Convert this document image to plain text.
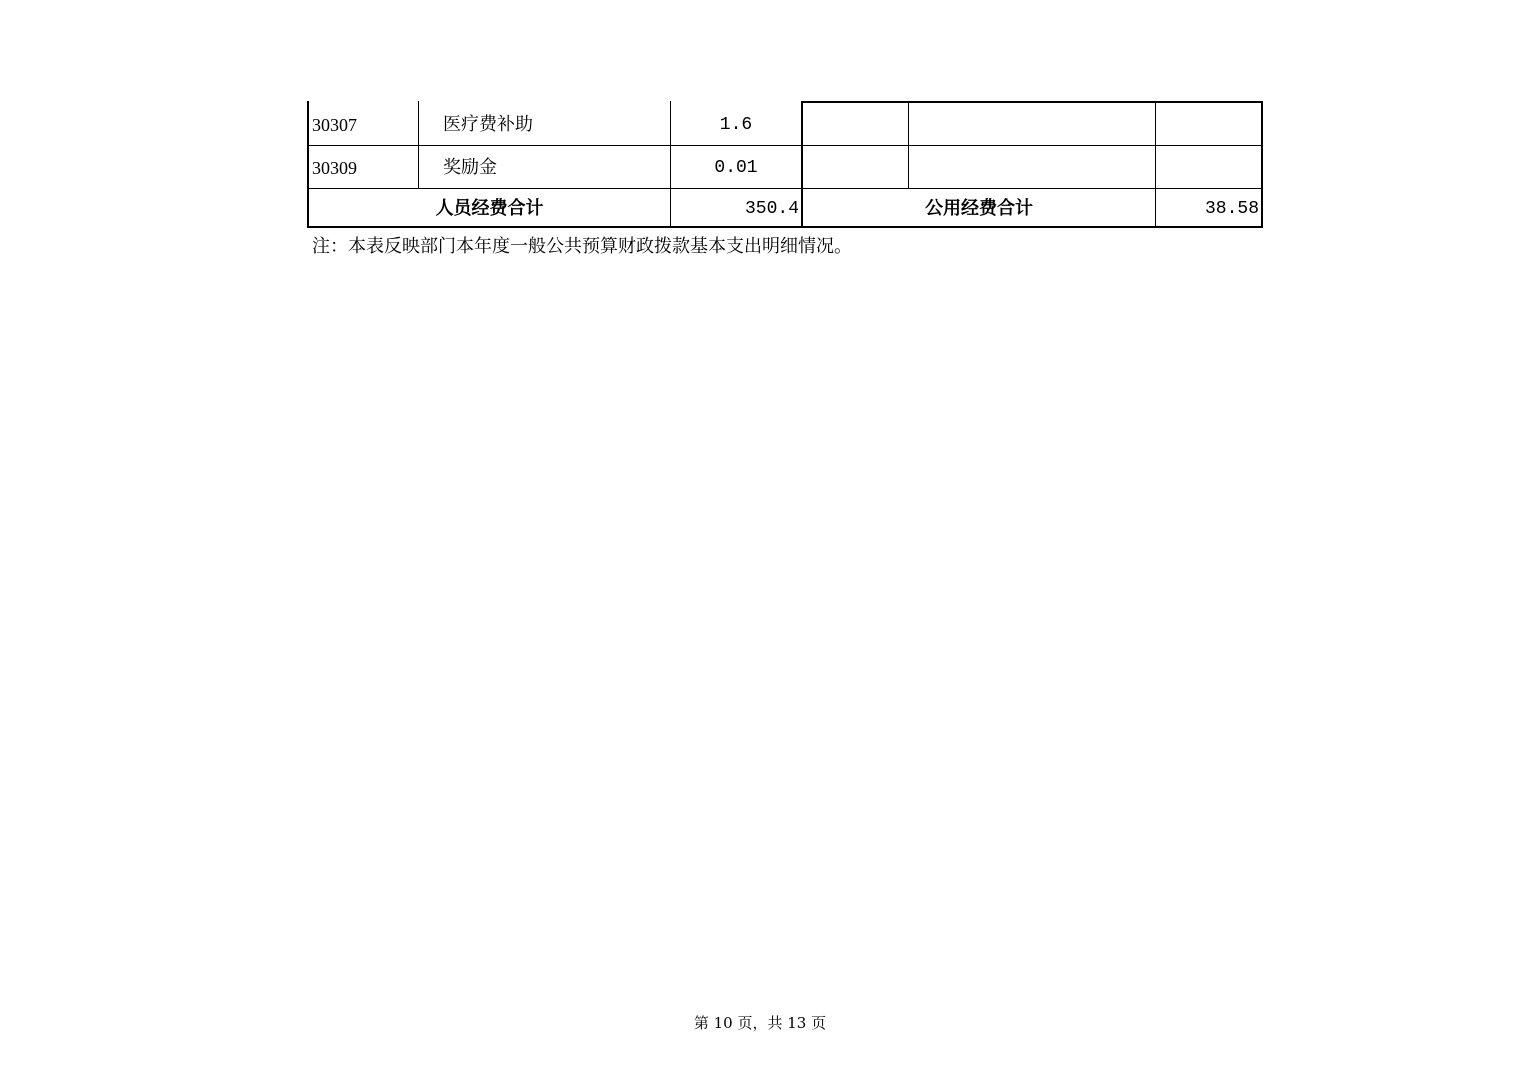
30307	医疗费补助	1.6
30309	奖励金	0.01
人员经费合计	350.4	公用经费合计	38.58
注：本表反映部门本年度一般公共预算财政拨款基本支出明细情况。
第 10 页，共 13 页
